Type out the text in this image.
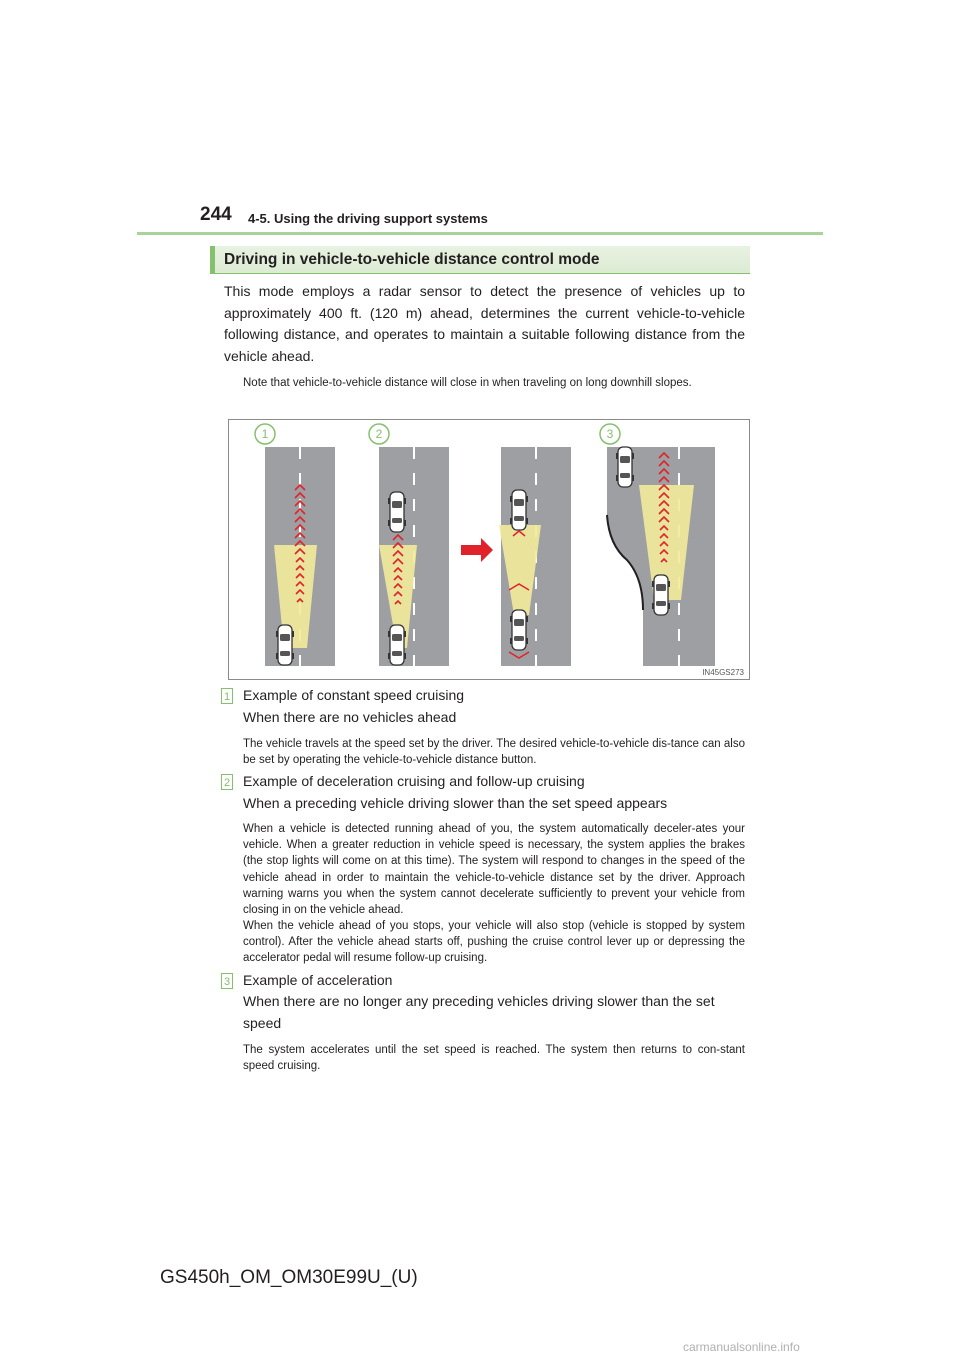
244 4-5. Using the driving support systems
Driving in vehicle-to-vehicle distance control mode
This mode employs a radar sensor to detect the presence of vehicles up to approximately 400 ft. (120 m) ahead, determines the current vehicle-to-vehicle following distance, and operates to maintain a suitable following distance from the vehicle ahead.
Note that vehicle-to-vehicle distance will close in when traveling on long downhill slopes.
1	2	3
IN45GS273
1 Example of constant speed cruising
When there are no vehicles ahead
The vehicle travels at the speed set by the driver. The desired vehicle-to-vehicle dis-tance can also be set by operating the vehicle-to-vehicle distance button.
2 Example of deceleration cruising and follow-up cruising
When a preceding vehicle driving slower than the set speed appears
When a vehicle is detected running ahead of you, the system automatically deceler-ates your vehicle. When a greater reduction in vehicle speed is necessary, the system applies the brakes (the stop lights will come on at this time). The system will respond to changes in the speed of the vehicle ahead in order to maintain the vehicle-to-vehicle distance set by the driver. Approach warning warns you when the system cannot decelerate sufficiently to prevent your vehicle from closing in on the vehicle ahead.
When the vehicle ahead of you stops, your vehicle will also stop (vehicle is stopped by system control). After the vehicle ahead starts off, pushing the cruise control lever up or depressing the accelerator pedal will resume follow-up cruising.
3 Example of acceleration
When there are no longer any preceding vehicles driving slower than the set speed
The system accelerates until the set speed is reached. The system then returns to con-stant speed cruising.
GS450h_OM_OM30E99U_(U)
carmanualsonline.info
